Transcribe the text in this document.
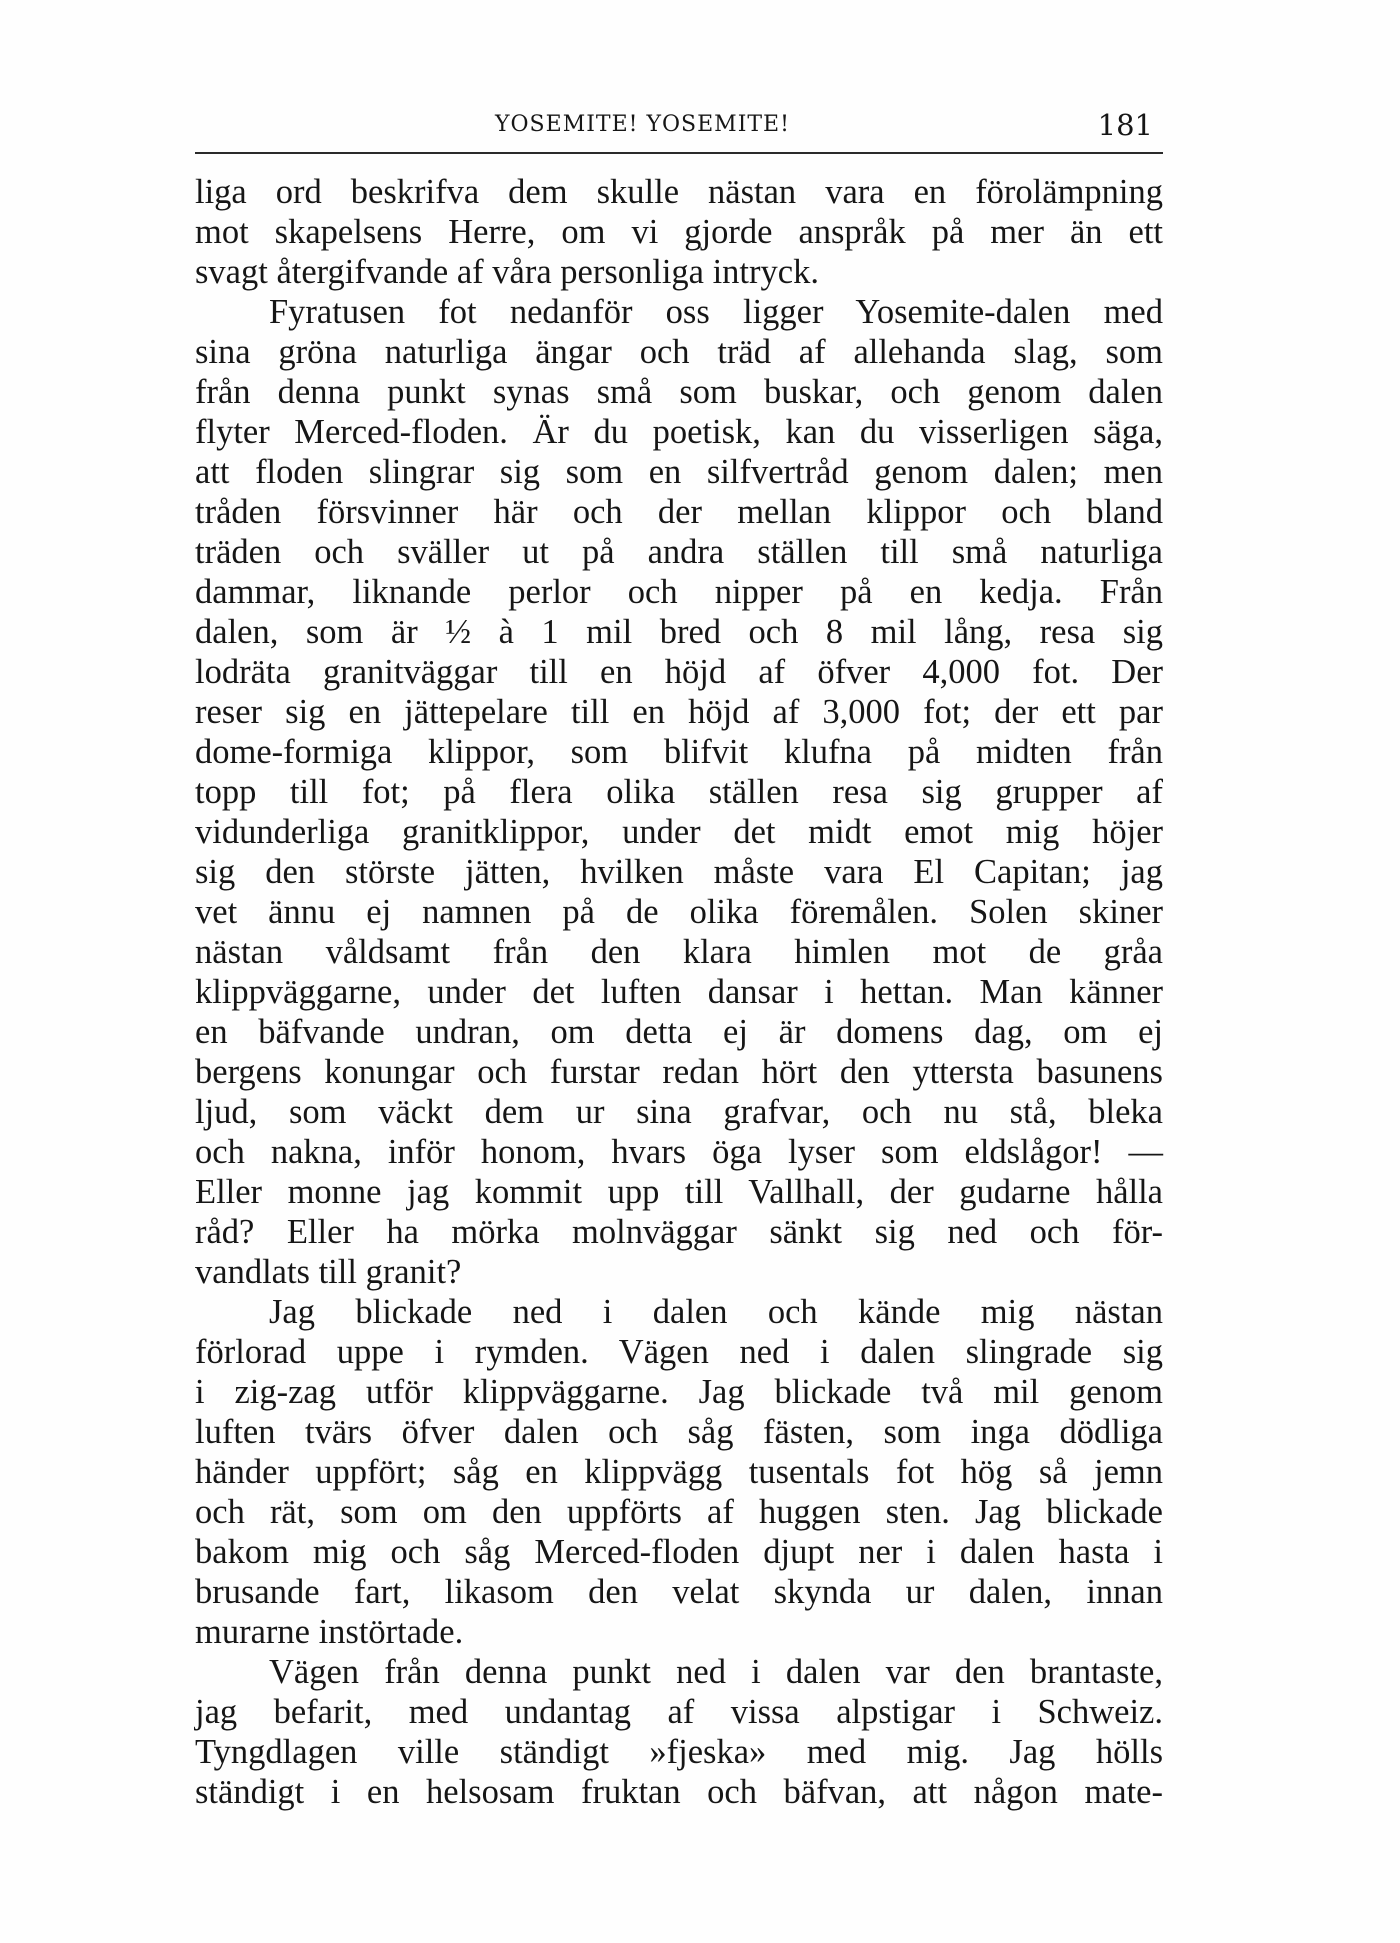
YOSEMITE! YOSEMITE!	181
liga ord beskrifva dem skulle nästan vara en förolämpning
mot skapelsens Herre, om vi gjorde anspråk på mer än ett
svagt återgifvande af våra personliga intryck.
Fyratusen fot nedanför oss ligger Yosemite-dalen med
sina gröna naturliga ängar och träd af allehanda slag, som
från denna punkt synas små som buskar, och genom dalen
flyter Merced-floden. Är du poetisk, kan du visserligen säga,
att floden slingrar sig som en silfvertråd genom dalen; men
tråden försvinner här och der mellan klippor och bland
träden och sväller ut på andra ställen till små naturliga
dammar, liknande perlor och nipper på en kedja. Från
dalen, som är ½ à 1 mil bred och 8 mil lång, resa sig
lodräta granitväggar till en höjd af öfver 4,000 fot. Der
reser sig en jättepelare till en höjd af 3,000 fot; der ett par
dome-formiga klippor, som blifvit klufna på midten från
topp till fot; på flera olika ställen resa sig grupper af
vidunderliga granitklippor, under det midt emot mig höjer
sig den störste jätten, hvilken måste vara El Capitan; jag
vet ännu ej namnen på de olika föremålen. Solen skiner
nästan våldsamt från den klara himlen mot de gråa
klippväggarne, under det luften dansar i hettan. Man känner
en bäfvande undran, om detta ej är domens dag, om ej
bergens konungar och furstar redan hört den yttersta basunens
ljud, som väckt dem ur sina grafvar, och nu stå, bleka
och nakna, inför honom, hvars öga lyser som eldslågor! —
Eller monne jag kommit upp till Vallhall, der gudarne hålla
råd? Eller ha mörka molnväggar sänkt sig ned och för-
vandlats till granit?
Jag blickade ned i dalen och kände mig nästan
förlorad uppe i rymden. Vägen ned i dalen slingrade sig
i zig-zag utför klippväggarne. Jag blickade två mil genom
luften tvärs öfver dalen och såg fästen, som inga dödliga
händer uppfört; såg en klippvägg tusentals fot hög så jemn
och rät, som om den uppförts af huggen sten. Jag blickade
bakom mig och såg Merced-floden djupt ner i dalen hasta i
brusande fart, likasom den velat skynda ur dalen, innan
murarne instörtade.
Vägen från denna punkt ned i dalen var den brantaste,
jag befarit, med undantag af vissa alpstigar i Schweiz.
Tyngdlagen ville ständigt »fjeska» med mig. Jag hölls
ständigt i en helsosam fruktan och bäfvan, att någon mate-
